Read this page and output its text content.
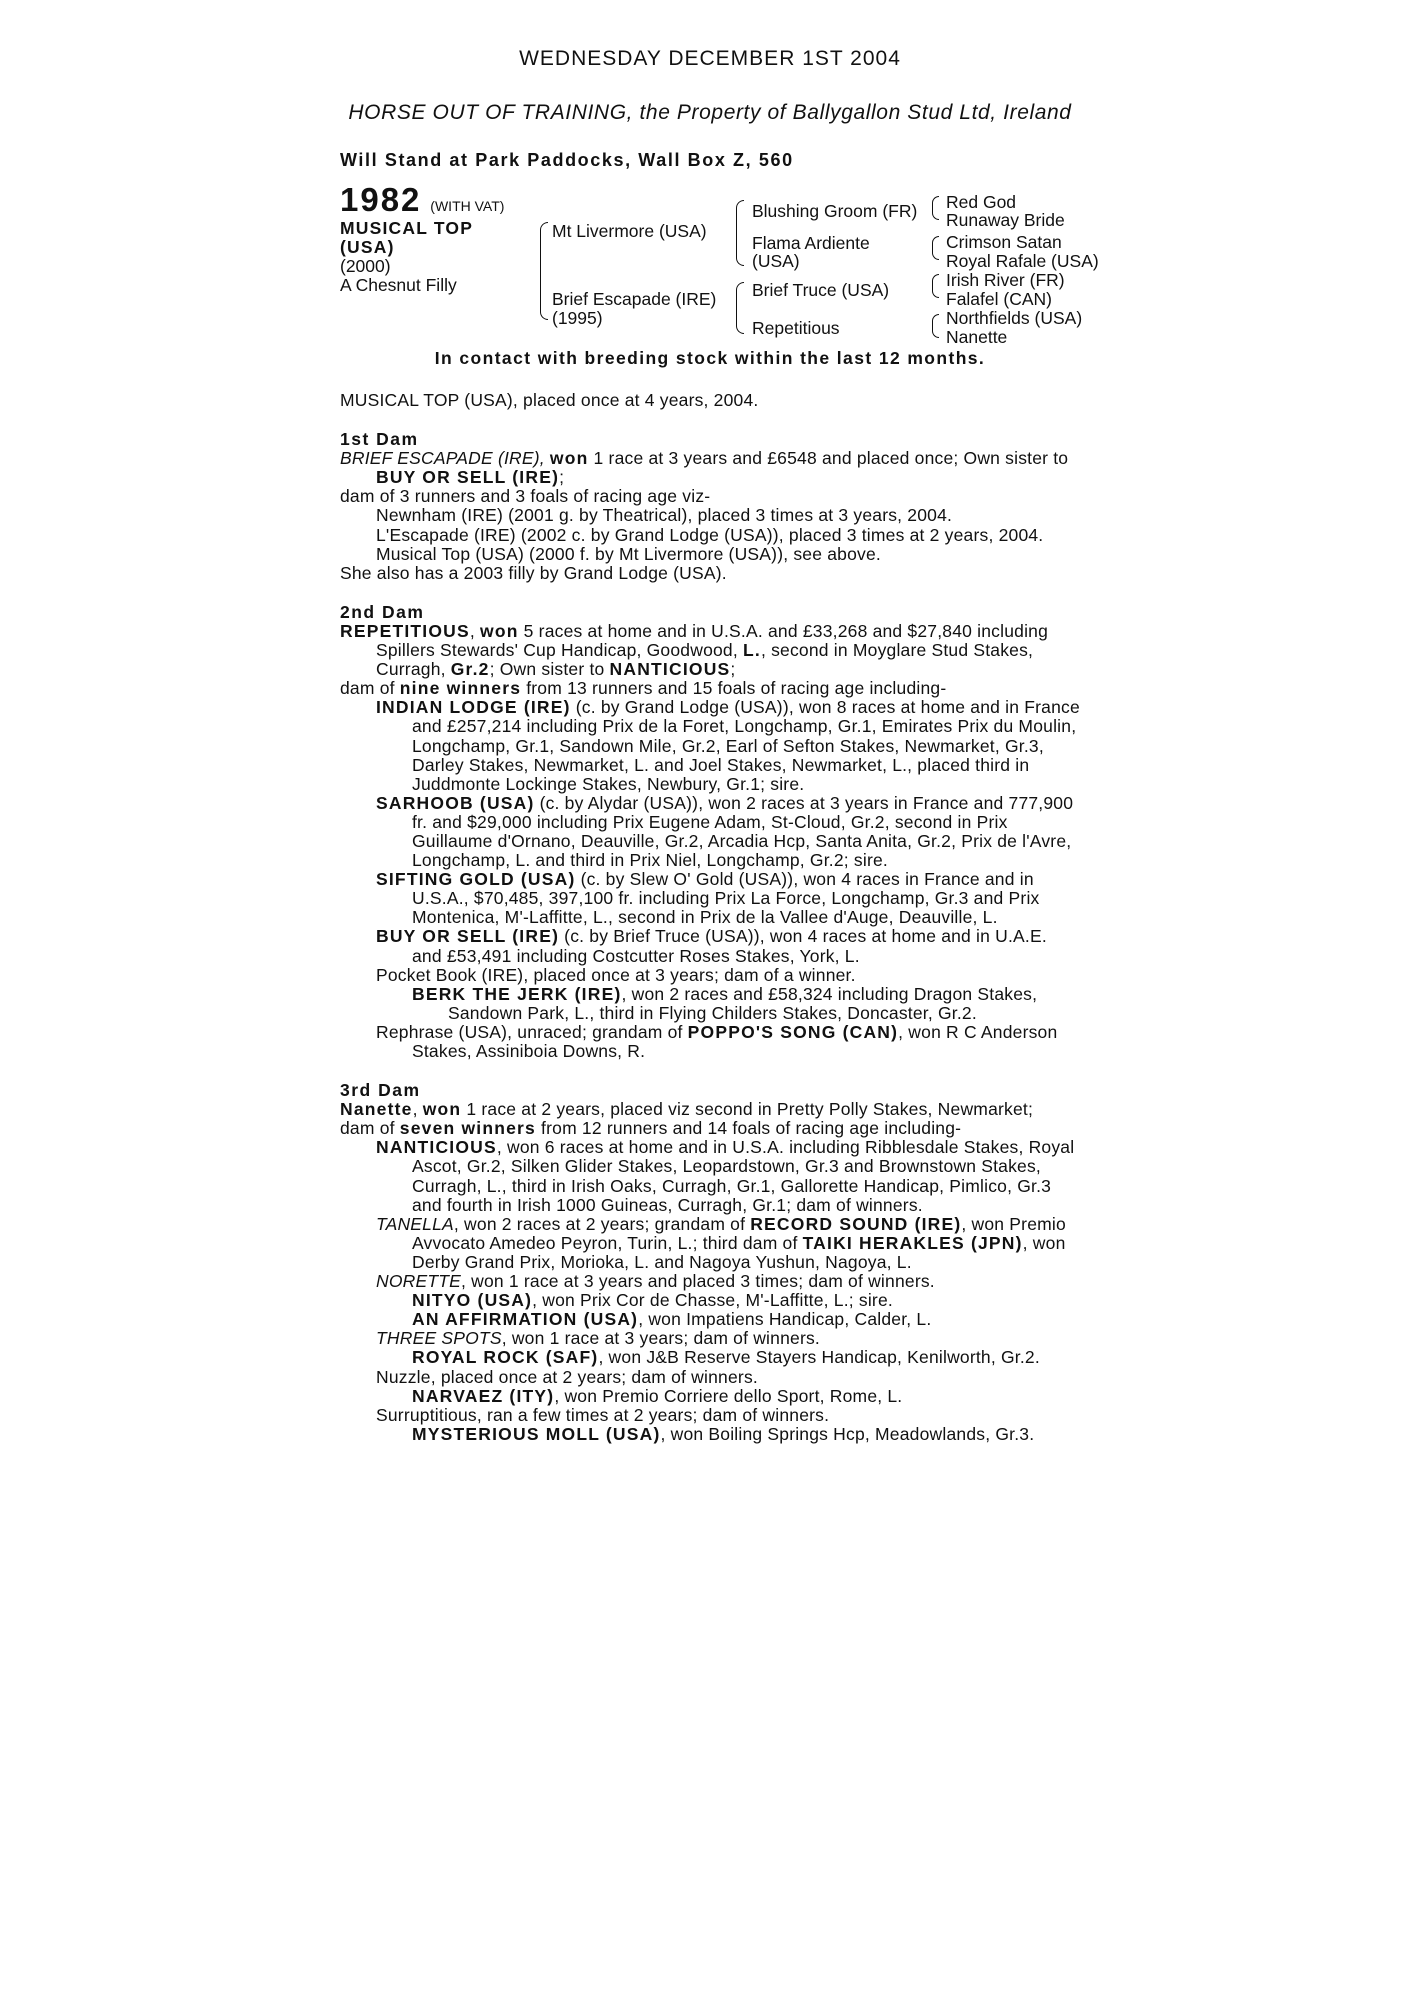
WEDNESDAY DECEMBER 1ST 2004
HORSE OUT OF TRAINING, the Property of Ballygallon Stud Ltd, Ireland
Will Stand at Park Paddocks, Wall Box Z, 560
1982 (WITH VAT)
MUSICAL TOP
(USA)
(2000)
A Chesnut Filly
Mt Livermore (USA)
Brief Escapade (IRE)
(1995)
Blushing Groom (FR)
Flama Ardiente
(USA)
Brief Truce (USA)
Repetitious
Red God
Runaway Bride
Crimson Satan
Royal Rafale (USA)
Irish River (FR)
Falafel (CAN)
Northfields (USA)
Nanette
In contact with breeding stock within the last 12 months.

MUSICAL TOP (USA), placed once at 4 years, 2004.

1st Dam

BRIEF ESCAPADE (IRE), won 1 race at 3 years and £6548 and placed once; Own sister to BUY OR SELL (IRE);

dam of 3 runners and 3 foals of racing age viz-

Newnham (IRE) (2001 g. by Theatrical), placed 3 times at 3 years, 2004.

L'Escapade (IRE) (2002 c. by Grand Lodge (USA)), placed 3 times at 2 years, 2004.

Musical Top (USA) (2000 f. by Mt Livermore (USA)), see above.

She also has a 2003 filly by Grand Lodge (USA).

2nd Dam

REPETITIOUS, won 5 races at home and in U.S.A. and £33,268 and $27,840 including Spillers Stewards' Cup Handicap, Goodwood, L., second in Moyglare Stud Stakes, Curragh, Gr.2; Own sister to NANTICIOUS;

dam of nine winners from 13 runners and 15 foals of racing age including-

INDIAN LODGE (IRE) (c. by Grand Lodge (USA)), won 8 races at home and in France and £257,214 including Prix de la Foret, Longchamp, Gr.1, Emirates Prix du Moulin, Longchamp, Gr.1, Sandown Mile, Gr.2, Earl of Sefton Stakes, Newmarket, Gr.3, Darley Stakes, Newmarket, L. and Joel Stakes, Newmarket, L., placed third in Juddmonte Lockinge Stakes, Newbury, Gr.1; sire.

SARHOOB (USA) (c. by Alydar (USA)), won 2 races at 3 years in France and 777,900 fr. and $29,000 including Prix Eugene Adam, St-Cloud, Gr.2, second in Prix Guillaume d'Ornano, Deauville, Gr.2, Arcadia Hcp, Santa Anita, Gr.2, Prix de l'Avre, Longchamp, L. and third in Prix Niel, Longchamp, Gr.2; sire.

SIFTING GOLD (USA) (c. by Slew O' Gold (USA)), won 4 races in France and in U.S.A., $70,485, 397,100 fr. including Prix La Force, Longchamp, Gr.3 and Prix Montenica, M'-Laffitte, L., second in Prix de la Vallee d'Auge, Deauville, L.

BUY OR SELL (IRE) (c. by Brief Truce (USA)), won 4 races at home and in U.A.E. and £53,491 including Costcutter Roses Stakes, York, L.

Pocket Book (IRE), placed once at 3 years; dam of a winner.

BERK THE JERK (IRE), won 2 races and £58,324 including Dragon Stakes, Sandown Park, L., third in Flying Childers Stakes, Doncaster, Gr.2.

Rephrase (USA), unraced; grandam of POPPO'S SONG (CAN), won R C Anderson Stakes, Assiniboia Downs, R.

3rd Dam

Nanette, won 1 race at 2 years, placed viz second in Pretty Polly Stakes, Newmarket;

dam of seven winners from 12 runners and 14 foals of racing age including-

NANTICIOUS, won 6 races at home and in U.S.A. including Ribblesdale Stakes, Royal Ascot, Gr.2, Silken Glider Stakes, Leopardstown, Gr.3 and Brownstown Stakes, Curragh, L., third in Irish Oaks, Curragh, Gr.1, Gallorette Handicap, Pimlico, Gr.3 and fourth in Irish 1000 Guineas, Curragh, Gr.1; dam of winners.

TANELLA, won 2 races at 2 years; grandam of RECORD SOUND (IRE), won Premio Avvocato Amedeo Peyron, Turin, L.; third dam of TAIKI HERAKLES (JPN), won Derby Grand Prix, Morioka, L. and Nagoya Yushun, Nagoya, L.

NORETTE, won 1 race at 3 years and placed 3 times; dam of winners.

NITYO (USA), won Prix Cor de Chasse, M'-Laffitte, L.; sire.

AN AFFIRMATION (USA), won Impatiens Handicap, Calder, L.

THREE SPOTS, won 1 race at 3 years; dam of winners.

ROYAL ROCK (SAF), won J&B Reserve Stayers Handicap, Kenilworth, Gr.2.

Nuzzle, placed once at 2 years; dam of winners.

NARVAEZ (ITY), won Premio Corriere dello Sport, Rome, L.

Surruptitious, ran a few times at 2 years; dam of winners.

MYSTERIOUS MOLL (USA), won Boiling Springs Hcp, Meadowlands, Gr.3.
